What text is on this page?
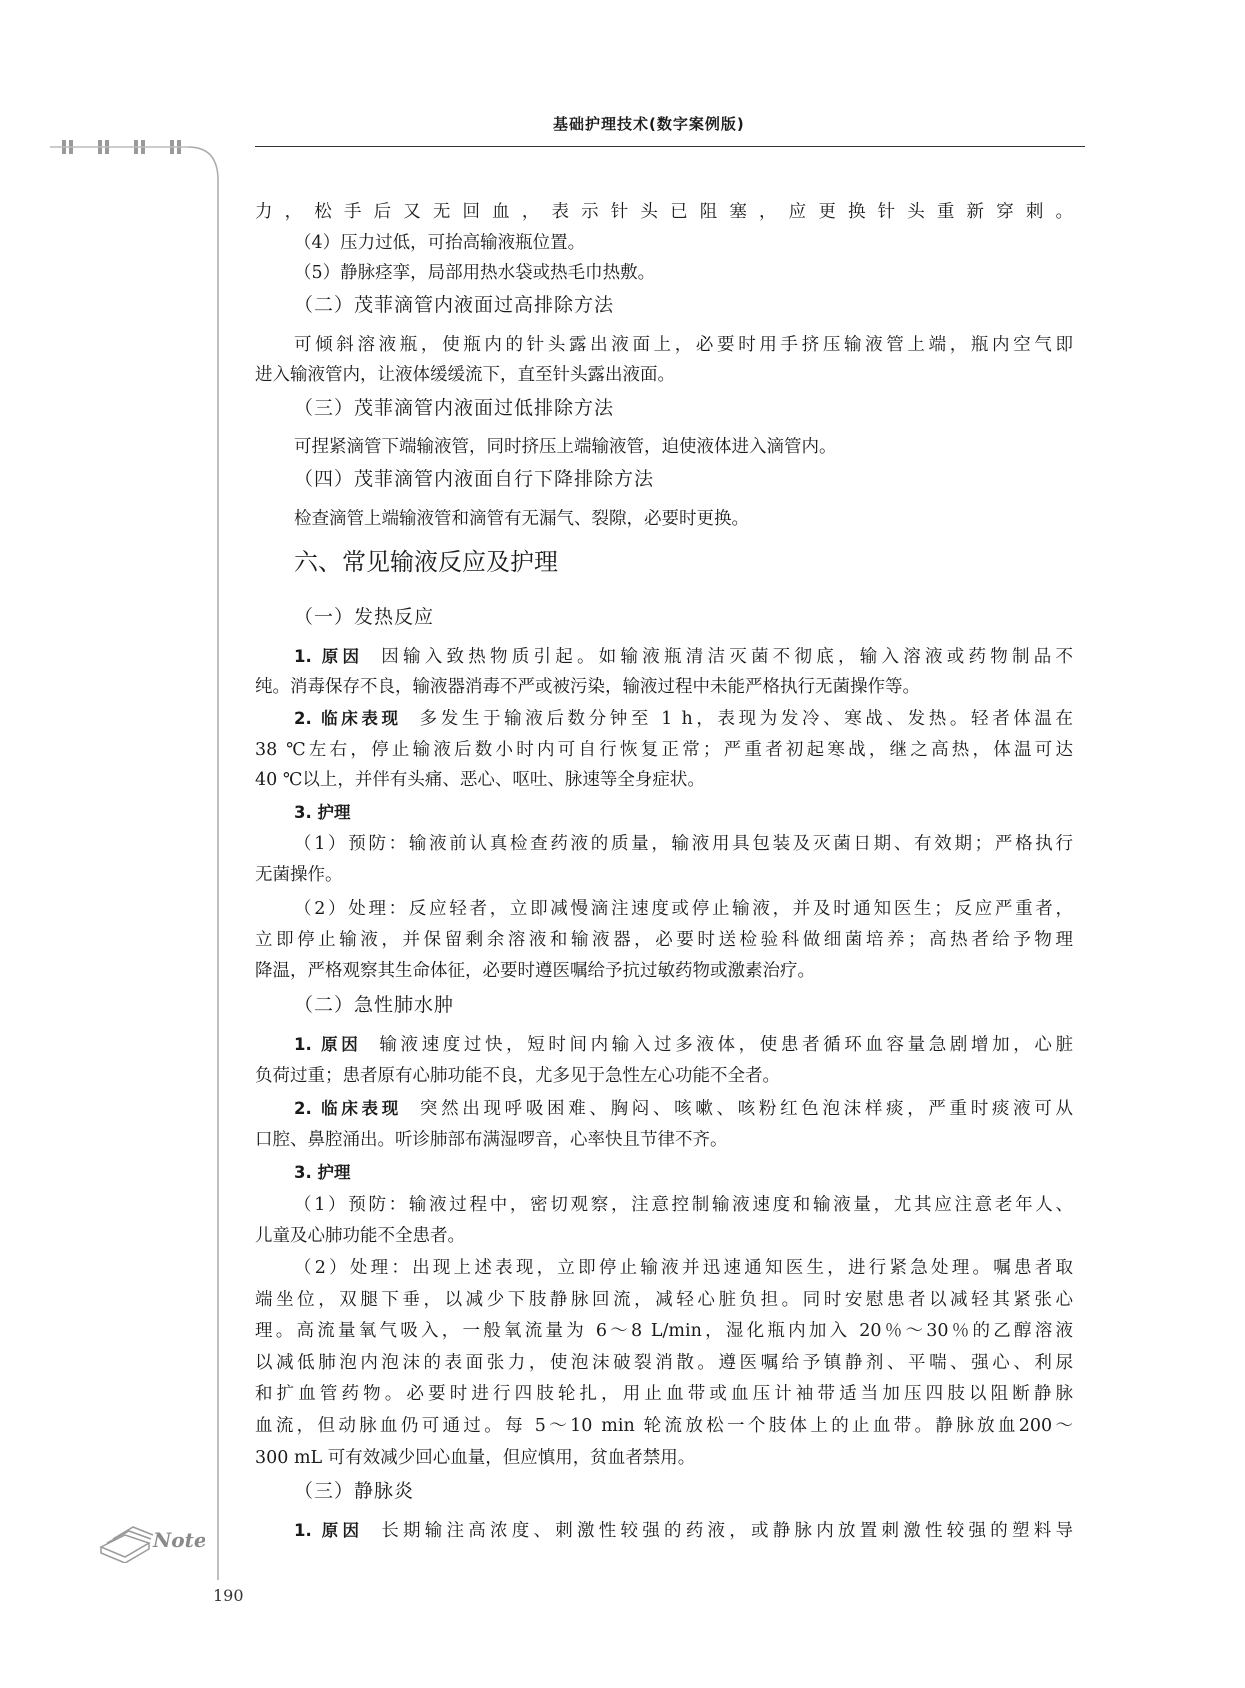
基础护理技术(数字案例版)
力，松手后又无回血，表示针头已阻塞，应更换针头重新穿刺。
（4）压力过低，可抬高输液瓶位置。
（5）静脉痉挛，局部用热水袋或热毛巾热敷。
（二）茂菲滴管内液面过高排除方法
可倾斜溶液瓶，使瓶内的针头露出液面上，必要时用手挤压输液管上端，瓶内空气即
进入输液管内，让液体缓缓流下，直至针头露出液面。
（三）茂菲滴管内液面过低排除方法
可捏紧滴管下端输液管，同时挤压上端输液管，迫使液体进入滴管内。
（四）茂菲滴管内液面自行下降排除方法
检查滴管上端输液管和滴管有无漏气、裂隙，必要时更换。
六、常见输液反应及护理
（一）发热反应
1. 原因 因输入致热物质引起。如输液瓶清洁灭菌不彻底，输入溶液或药物制品不
纯。消毒保存不良，输液器消毒不严或被污染，输液过程中未能严格执行无菌操作等。
2. 临床表现 多发生于输液后数分钟至 1 h，表现为发冷、寒战、发热。轻者体温在
38 ℃左右，停止输液后数小时内可自行恢复正常；严重者初起寒战，继之高热，体温可达
40 ℃以上，并伴有头痛、恶心、呕吐、脉速等全身症状。
3. 护理
（1）预防：输液前认真检查药液的质量，输液用具包装及灭菌日期、有效期；严格执行
无菌操作。
（2）处理：反应轻者，立即减慢滴注速度或停止输液，并及时通知医生；反应严重者，
立即停止输液，并保留剩余溶液和输液器，必要时送检验科做细菌培养；高热者给予物理
降温，严格观察其生命体征，必要时遵医嘱给予抗过敏药物或激素治疗。
（二）急性肺水肿
1. 原因 输液速度过快，短时间内输入过多液体，使患者循环血容量急剧增加，心脏
负荷过重；患者原有心肺功能不良，尤多见于急性左心功能不全者。
2. 临床表现 突然出现呼吸困难、胸闷、咳嗽、咳粉红色泡沫样痰，严重时痰液可从
口腔、鼻腔涌出。听诊肺部布满湿啰音，心率快且节律不齐。
3. 护理
（1）预防：输液过程中，密切观察，注意控制输液速度和输液量，尤其应注意老年人、
儿童及心肺功能不全患者。
（2）处理：出现上述表现，立即停止输液并迅速通知医生，进行紧急处理。嘱患者取
端坐位，双腿下垂，以减少下肢静脉回流，减轻心脏负担。同时安慰患者以减轻其紧张心
理。高流量氧气吸入，一般氧流量为 6～8 L/min，湿化瓶内加入 20％～30％的乙醇溶液
以减低肺泡内泡沫的表面张力，使泡沫破裂消散。遵医嘱给予镇静剂、平喘、强心、利尿
和扩血管药物。必要时进行四肢轮扎，用止血带或血压计袖带适当加压四肢以阻断静脉
血流，但动脉血仍可通过。每 5～10 min 轮流放松一个肢体上的止血带。静脉放血200～
300 mL 可有效减少回心血量，但应慎用，贫血者禁用。
（三）静脉炎
1. 原因 长期输注高浓度、刺激性较强的药液，或静脉内放置刺激性较强的塑料导
Note
190
